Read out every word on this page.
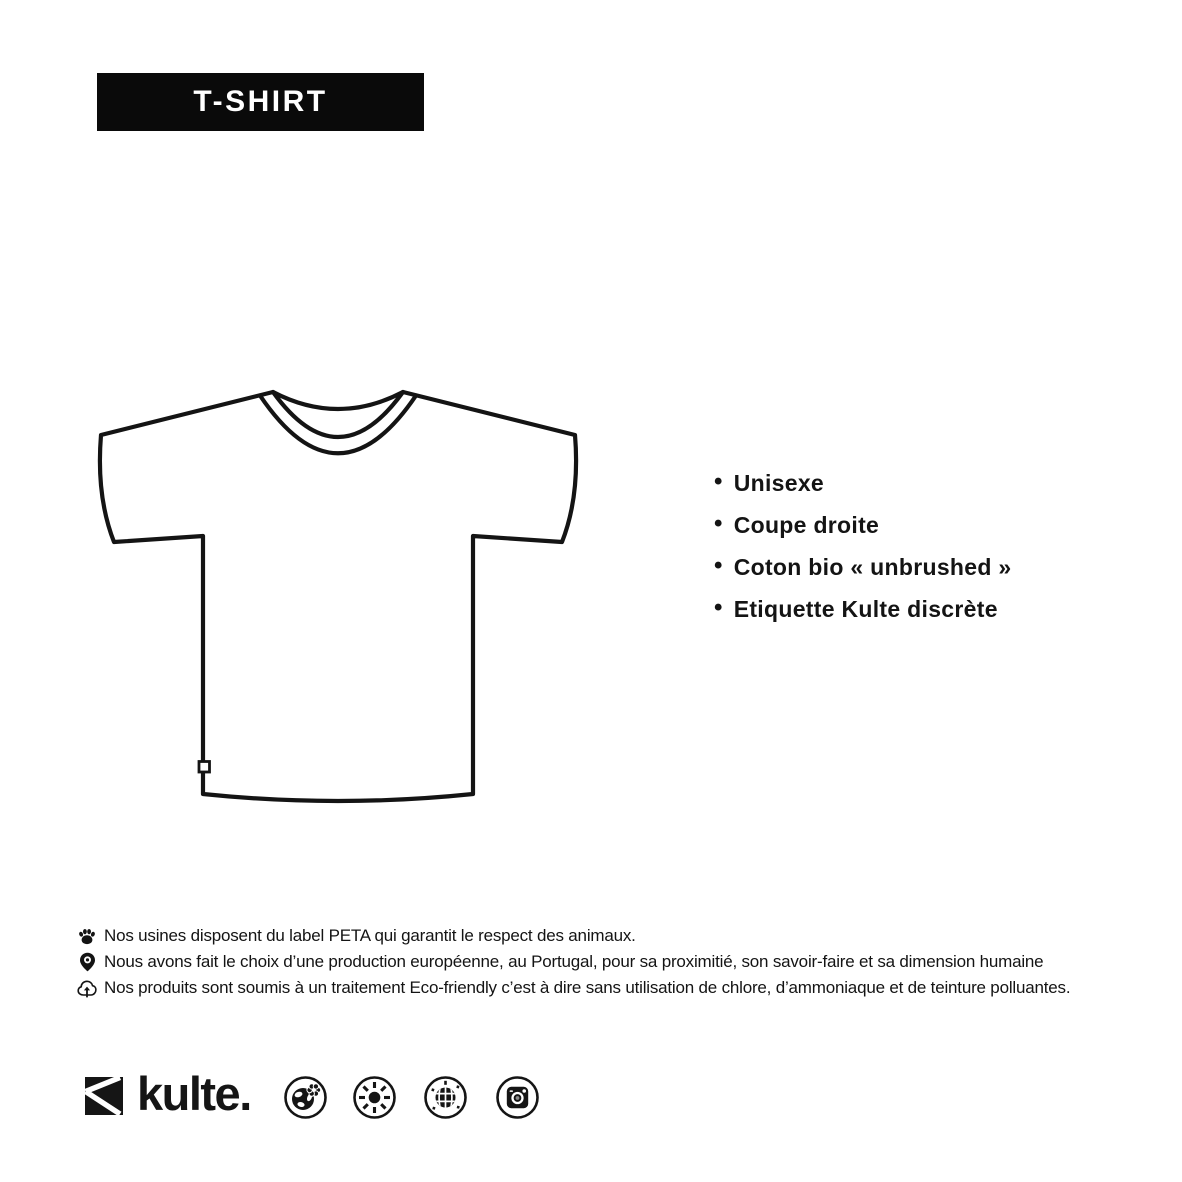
T-SHIRT
• Unisexe
• Coupe droite
• Coton bio « unbrushed »
• Etiquette Kulte discrète
Nos usines disposent du label PETA qui garantit le respect des animaux.
Nous avons fait le choix d’une production européenne, au Portugal, pour sa proximitié, son savoir-faire et sa dimension humaine
Nos produits sont soumis à un traitement Eco-friendly c’est à dire sans utilisation de chlore, d’ammoniaque et de teinture polluantes.
kulte.
